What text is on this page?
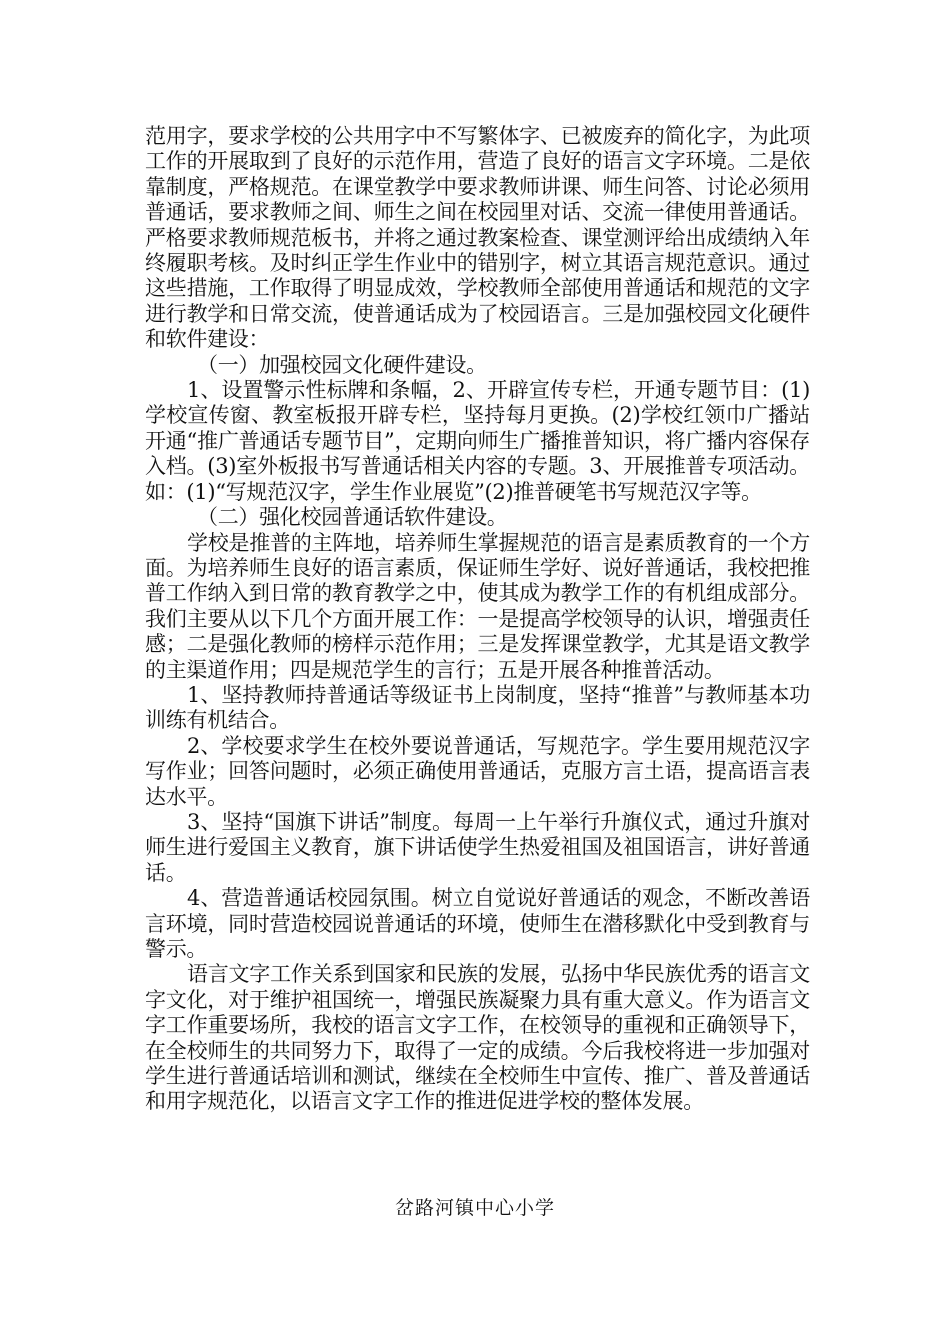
范用字，要求学校的公共用字中不写繁体字、已被废弃的简化字，为此项工作的开展取到了良好的示范作用，营造了良好的语言文字环境。二是依靠制度，严格规范。在课堂教学中要求教师讲课、师生问答、讨论必须用普通话，要求教师之间、师生之间在校园里对话、交流一律使用普通话。严格要求教师规范板书，并将之通过教案检查、课堂测评给出成绩纳入年终履职考核。及时纠正学生作业中的错别字，树立其语言规范意识。通过这些措施，工作取得了明显成效，学校教师全部使用普通话和规范的文字进行教学和日常交流，使普通话成为了校园语言。三是加强校园文化硬件和软件建设：

（一）加强校园文化硬件建设。

1、设置警示性标牌和条幅，2、开辟宣传专栏，开通专题节目：(1)学校宣传窗、教室板报开辟专栏，坚持每月更换。(2)学校红领巾广播站开通“推广普通话专题节目”，定期向师生广播推普知识，将广播内容保存入档。(3)室外板报书写普通话相关内容的专题。3、开展推普专项活动。如：(1)“写规范汉字，学生作业展览”(2)推普硬笔书写规范汉字等。

（二）强化校园普通话软件建设。

学校是推普的主阵地，培养师生掌握规范的语言是素质教育的一个方面。为培养师生良好的语言素质，保证师生学好、说好普通话，我校把推普工作纳入到日常的教育教学之中，使其成为教学工作的有机组成部分。我们主要从以下几个方面开展工作：一是提高学校领导的认识，增强责任感；二是强化教师的榜样示范作用；三是发挥课堂教学，尤其是语文教学的主渠道作用；四是规范学生的言行；五是开展各种推普活动。

1、坚持教师持普通话等级证书上岗制度，坚持“推普”与教师基本功训练有机结合。

2、学校要求学生在校外要说普通话，写规范字。学生要用规范汉字写作业；回答问题时，必须正确使用普通话，克服方言土语，提高语言表达水平。

3、坚持“国旗下讲话”制度。每周一上午举行升旗仪式，通过升旗对师生进行爱国主义教育，旗下讲话使学生热爱祖国及祖国语言，讲好普通话。

4、营造普通话校园氛围。树立自觉说好普通话的观念，不断改善语言环境，同时营造校园说普通话的环境，使师生在潜移默化中受到教育与警示。

语言文字工作关系到国家和民族的发展，弘扬中华民族优秀的语言文字文化，对于维护祖国统一，增强民族凝聚力具有重大意义。作为语言文字工作重要场所，我校的语言文字工作，在校领导的重视和正确领导下，在全校师生的共同努力下，取得了一定的成绩。今后我校将进一步加强对学生进行普通话培训和测试，继续在全校师生中宣传、推广、普及普通话和用字规范化，以语言文字工作的推进促进学校的整体发展。

岔路河镇中心小学
